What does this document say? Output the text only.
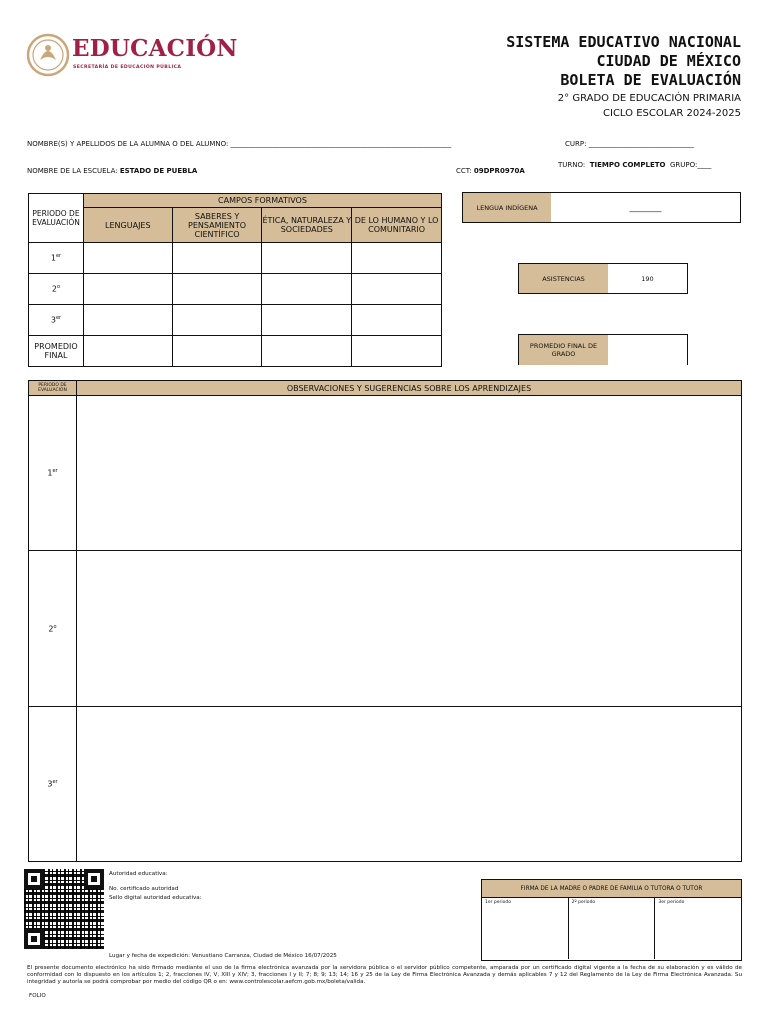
EDUCACIÓN
SECRETARÍA DE EDUCACIÓN PÚBLICA
SISTEMA EDUCATIVO NACIONAL
CIUDAD DE MÉXICO
BOLETA DE EVALUACIÓN
2° GRADO DE EDUCACIÓN PRIMARIA
CICLO ESCOLAR 2024-2025
NOMBRE(S) Y APELLIDOS DE LA ALUMNA O DEL ALUMNO: _______________________________________________________________	CURP: ______________________________
NOMBRE DE LA ESCUELA: ESTADO DE PUEBLA	CCT: 09DPR0970A
TURNO: TIEMPO COMPLETO GRUPO:____
PERIODO DE EVALUACIÓN	CAMPOS FORMATIVOS			
	LENGUAJES	SABERES Y PENSAMIENTO CIENTÍFICO	ÉTICA, NATURALEZA Y SOCIEDADES	DE LO HUMANO Y LO COMUNITARIO
1er				
2$^o$				
3er				
PROMEDIO FINAL				
LENGUA INDÍGENA	________
ASISTENCIAS	190
PROMEDIO FINAL DE GRADO
PERIODO DE EVALUACIÓN	OBSERVACIONES Y SUGERENCIAS SOBRE LOS APRENDIZAJES
1er	
2$^o$	
3er	
Autoridad educativa:
No. certificado autoridad
Sello digital autoridad educativa:
Lugar y fecha de expedición: Venustiano Carranza, Ciudad de México 16/07/2025
FIRMA DE LA MADRE O PADRE DE FAMILIA O TUTORA O TUTOR
1er periodo	2º periodo	3er periodo
El presente documento electrónico ha sido firmado mediante el uso de la firma electrónica avanzada por la servidora pública o el servidor público competente, amparada por un certificado digital vigente a la fecha de su elaboración y es válido de conformidad con lo dispuesto en los artículos 1; 2, fracciones IV, V, XIII y XIV; 3, fracciones I y II; 7; 8; 9; 13; 14; 16 y 25 de la Ley de Firma Electrónica Avanzada y demás aplicables 7 y 12 del Reglamento de la Ley de Firma Electrónica Avanzada. Su integridad y autoría se podrá comprobar por medio del código QR o en: www.controlescolar.aefcm.gob.mx/boleta/valida.
FOLIO
